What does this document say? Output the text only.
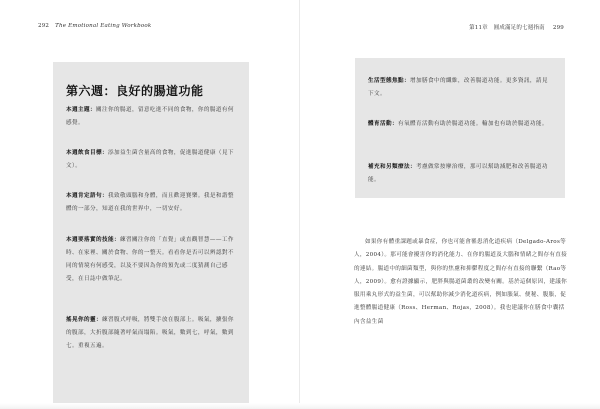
292 The Emotional Eating Workbook
第六週：良好的腸道功能
本週主題：關注你的腸道，留意吃進不同的食物，你的腸道有何感覺。
本週飲食目標：添加益生菌含量高的食物，促進腸道健康（見下文）。
本週肯定語句：我致敬頭腦和身體，而且歡迎賽樂。我是和諧整體的一部分，知道在我的世界中，一切安好。
本週要落實的技能：練習關注你的「直覺」或直觀智慧——工作時、在家裡、關於食物、你的一整天。看看你是否可以辨認對不同的情境有何感受，以及不要因為你的預先或二度猜測自己感受，在日誌中做筆記。
搖晃你的靈：練習腹式呼吸，將雙手放在腹部上。吸氣，擴張你的腹部，大折腹部隨著呼氣而塌陷。吸氣，數到七，呼氣，數到七。重複五遍。
第11章　圓成滿足的七週指南 299
生活型態焦點：增加膳食中的纖維，改善腸道功能。更多資訊，請見下文。
體育活動：有氧體育活動有助於腸道功能。輸加也有助於腸道功能。
補充和另類療法：考慮做常按摩治療，那可以幫助減肥和改善腸道功能。
如果你有體重課題或暴食症，你也可能會罹患消化道疾病（Delgado-Aros等人，2004）。那可能會擾害你的消化能力、在你的腸道及大腦和情緒之間存有直接的連結。腸道中的細菌類型，與你的焦慮和抑鬱程度之間存有直接的聯繫（Rao等人，2009）。愈有證據顯示，肥胖與腸道菌叢的改變有關。基於這個原因，建議你服用乘丸形式的益生菌，可以幫助你減少消化道疾病，例如脹氣、便秘、腹脹，促進整體腸道健康（Ross、Herman、Rojas，2008）。我也建議你在膳食中囊括內含益生菌
